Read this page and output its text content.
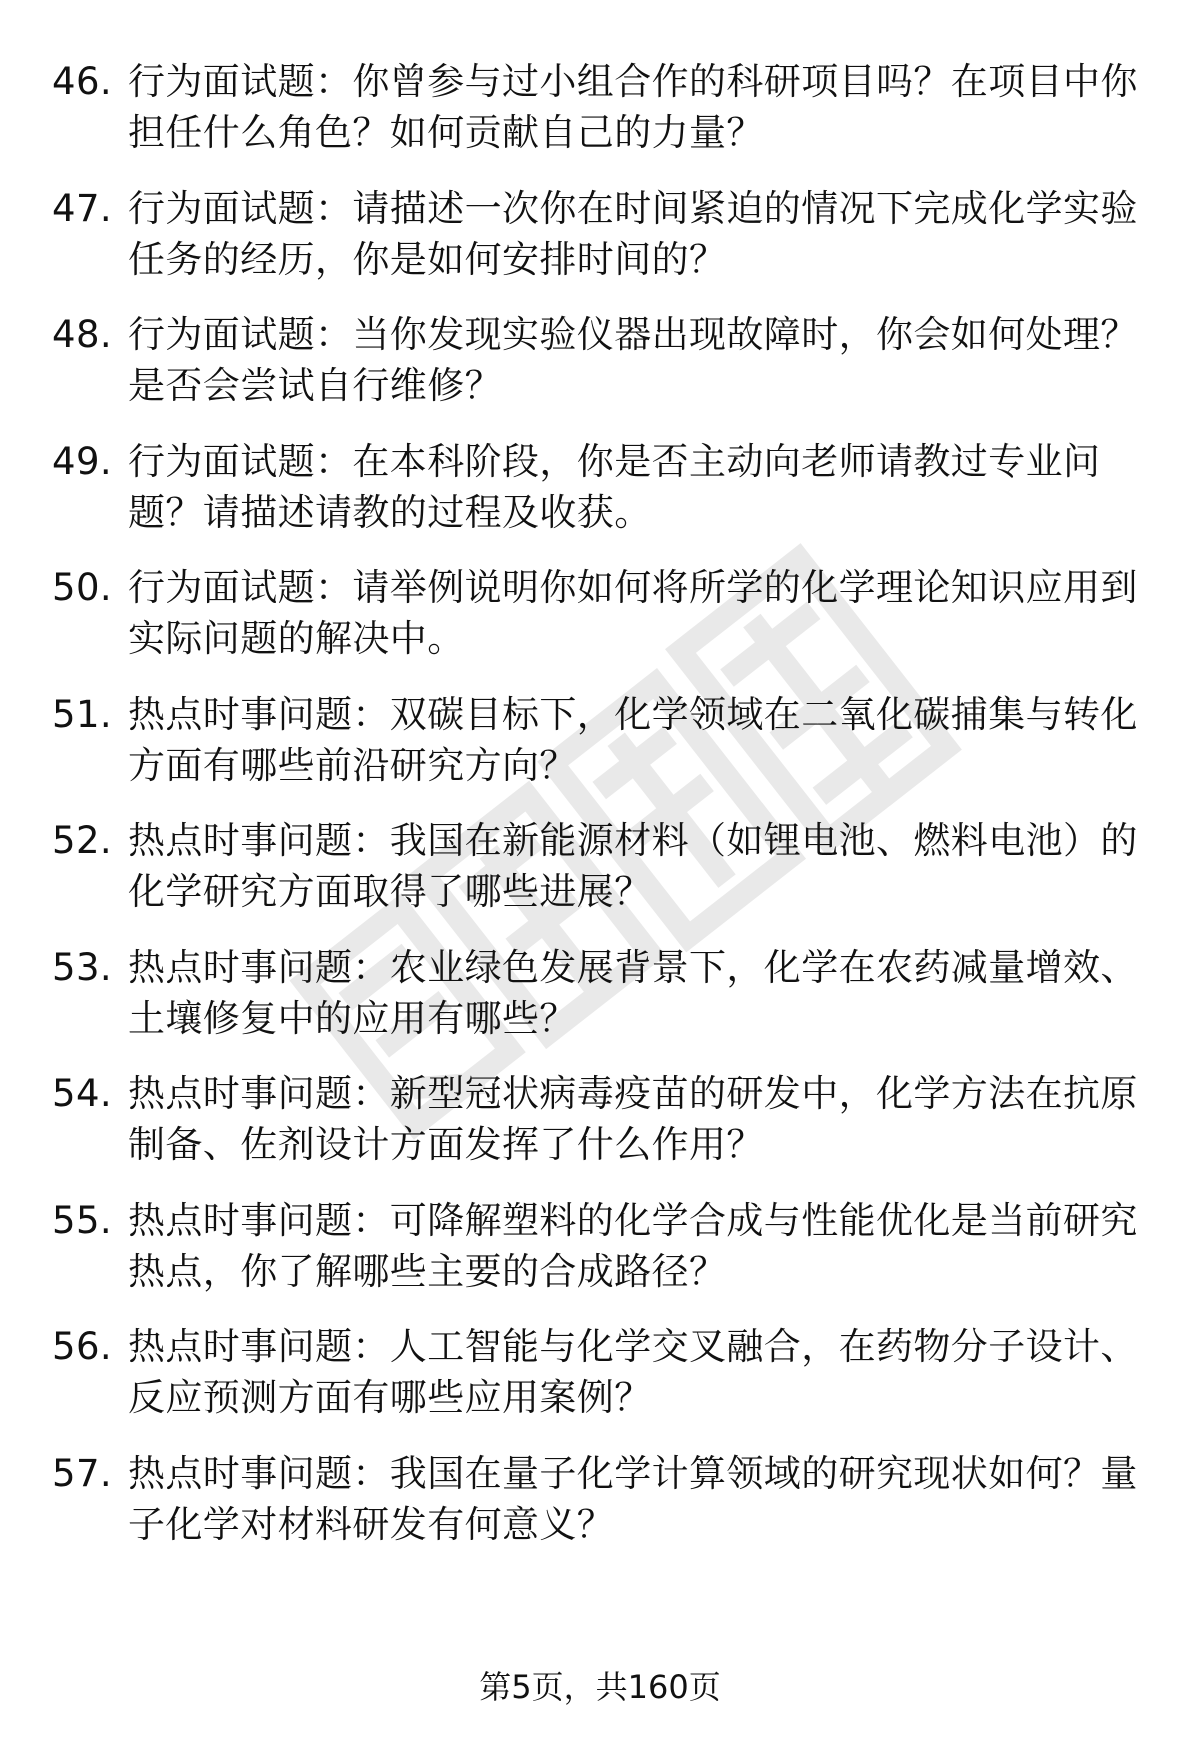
46. 行为面试题：你曾参与过小组合作的科研项目吗？在项目中你担任什么角色？如何贡献自己的力量？
47. 行为面试题：请描述一次你在时间紧迫的情况下完成化学实验任务的经历，你是如何安排时间的？
48. 行为面试题：当你发现实验仪器出现故障时，你会如何处理？是否会尝试自行维修？
49. 行为面试题：在本科阶段，你是否主动向老师请教过专业问题？请描述请教的过程及收获。
50. 行为面试题：请举例说明你如何将所学的化学理论知识应用到实际问题的解决中。
51. 热点时事问题：双碳目标下，化学领域在二氧化碳捕集与转化方面有哪些前沿研究方向？
52. 热点时事问题：我国在新能源材料（如锂电池、燃料电池）的化学研究方面取得了哪些进展？
53. 热点时事问题：农业绿色发展背景下，化学在农药减量增效、土壤修复中的应用有哪些？
54. 热点时事问题：新型冠状病毒疫苗的研发中，化学方法在抗原制备、佐剂设计方面发挥了什么作用？
55. 热点时事问题：可降解塑料的化学合成与性能优化是当前研究热点，你了解哪些主要的合成路径？
56. 热点时事问题：人工智能与化学交叉融合，在药物分子设计、反应预测方面有哪些应用案例？
57. 热点时事问题：我国在量子化学计算领域的研究现状如何？量子化学对材料研发有何意义？
第5页，共160页
